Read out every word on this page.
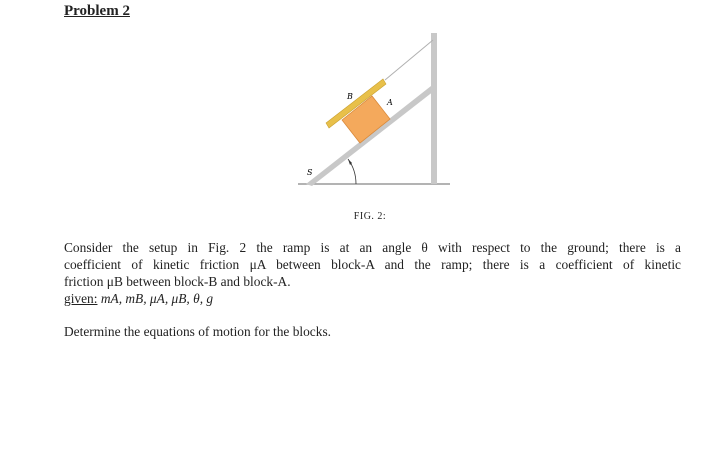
Problem 2
B
A
S
FIG. 2:
Consider the setup in Fig. 2 the ramp is at an angle θ with respect to the ground; there is a
coefficient of kinetic friction μA between block-A and the ramp; there is a coefficient of kinetic
friction μB between block-B and block-A.
given: mA, mB, μA, μB, θ, g
Determine the equations of motion for the blocks.
